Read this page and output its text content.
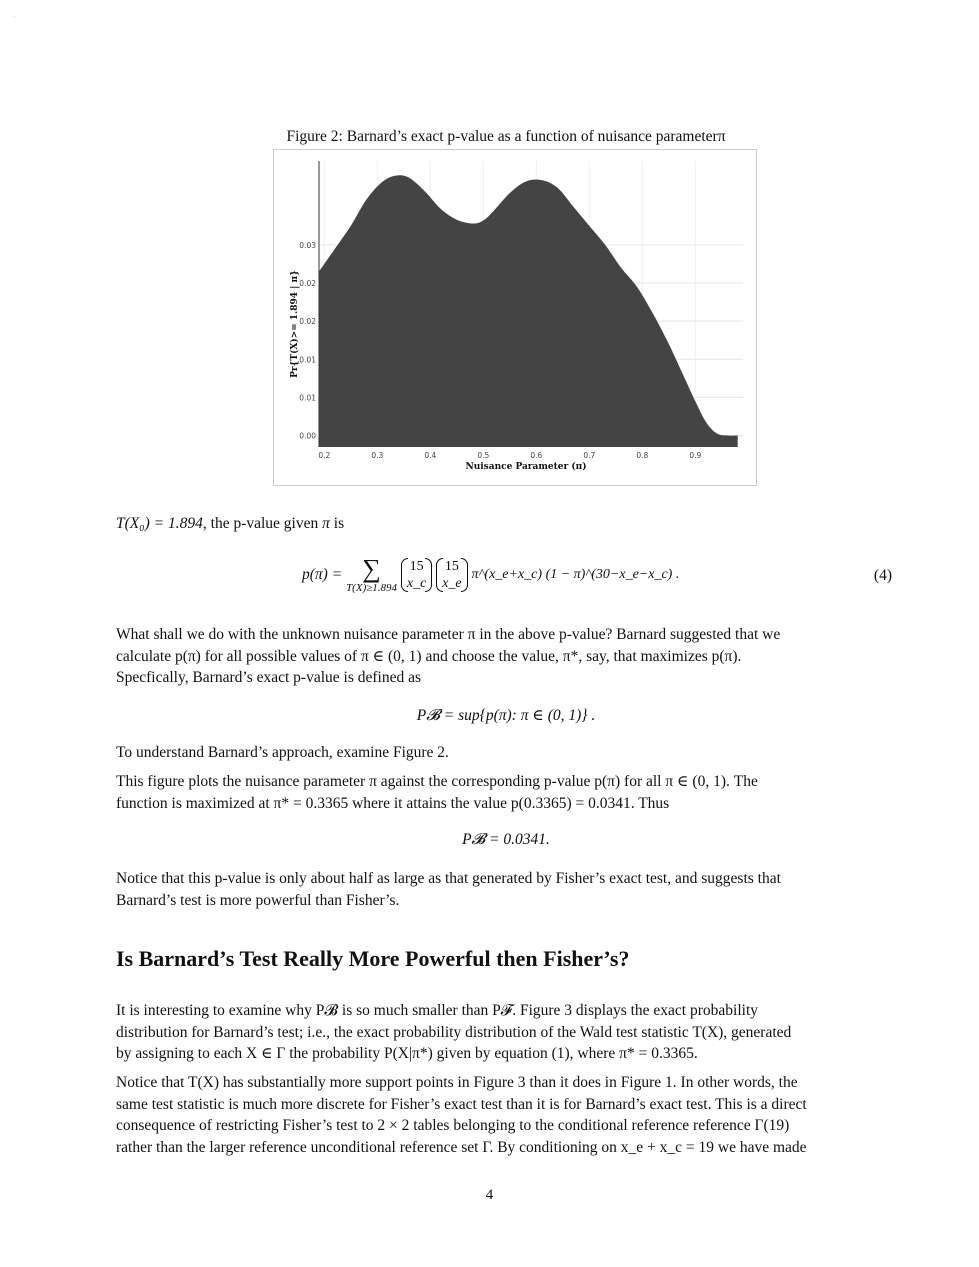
.
Figure 2: Barnard’s exact p-value as a function of nuisance parameterπ
0.00
0.01
0.01
0.02
0.02
0.03
0.2	0.3	0.4	0.5	0.6	0.7	0.8	0.9
Nuisance Parameter (π)
Pr{T(X)>= 1.894 | π}
T(X₀) = 1.894, the p-value given π is
p(π) = ∑
T(X)≥1.894

15
x_c

15
x_e
π^(x_e+x_c) (1 − π)^(30−x_e−x_c) .	(4)

What shall we do with the unknown nuisance parameter π in the above p-value? Barnard suggested that we

calculate p(π) for all possible values of π ∈ (0, 1) and choose the value, π*, say, that maximizes p(π).

Specfically, Barnard’s exact p-value is defined as

P𝓑 = sup{p(π): π ∈ (0, 1)} .

To understand Barnard’s approach, examine Figure 2.

This figure plots the nuisance parameter π against the corresponding p-value p(π) for all π ∈ (0, 1). The

function is maximized at π* = 0.3365 where it attains the value p(0.3365) = 0.0341. Thus

P𝓑 = 0.0341.

Notice that this p-value is only about half as large as that generated by Fisher’s exact test, and suggests that

Barnard’s test is more powerful than Fisher’s.

Is Barnard’s Test Really More Powerful then Fisher’s?

It is interesting to examine why P𝓑 is so much smaller than P𝓕. Figure 3 displays the exact probability

distribution for Barnard’s test; i.e., the exact probability distribution of the Wald test statistic T(X), generated

by assigning to each X ∈ Γ the probability P(X|π*) given by equation (1), where π* = 0.3365.

Notice that T(X) has substantially more support points in Figure 3 than it does in Figure 1. In other words, the

same test statistic is much more discrete for Fisher’s exact test than it is for Barnard’s exact test. This is a direct

consequence of restricting Fisher’s test to 2 × 2 tables belonging to the conditional reference reference Γ(19)

rather than the larger reference unconditional reference set Γ. By conditioning on x_e + x_c = 19 we have made

4
